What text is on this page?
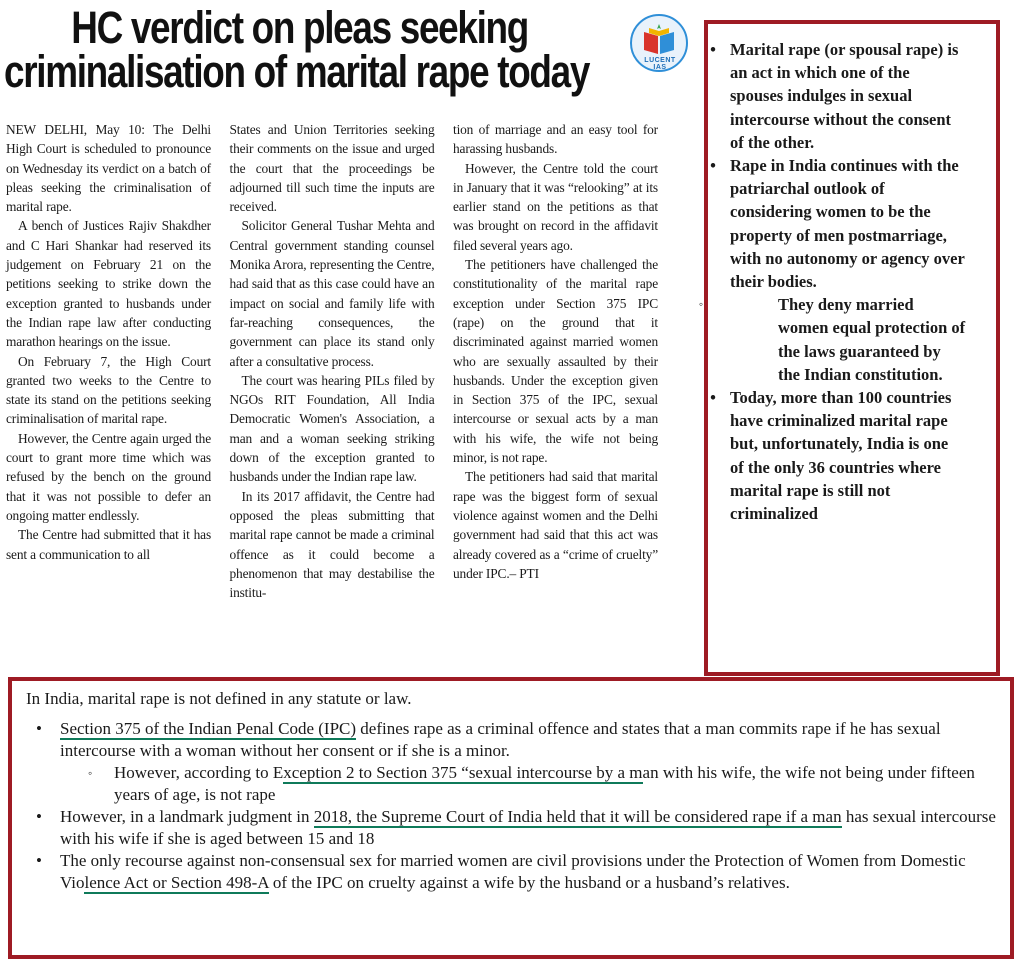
HC verdict on pleas seeking
criminalisation of marital rape today	LUCENT IAS

NEW DELHI, May 10: The Delhi High Court is scheduled to pronounce on Wednesday its verdict on a batch of pleas seeking the criminalisation of marital rape.

A bench of Justices Rajiv Shakdher and C Hari Shankar had reserved its judgement on February 21 on the petitions seeking to strike down the exception granted to husbands under the Indian rape law after conducting marathon hearings on the issue.

On February 7, the High Court granted two weeks to the Centre to state its stand on the petitions seeking criminalisation of marital rape.

However, the Centre again urged the court to grant more time which was refused by the bench on the ground that it was not possible to defer an ongoing matter endlessly.

The Centre had submitted that it has sent a communication to all

States and Union Territories seeking their comments on the issue and urged the court that the proceedings be adjourned till such time the inputs are received.

Solicitor General Tushar Mehta and Central government standing counsel Monika Arora, representing the Centre, had said that as this case could have an impact on social and family life with far-reaching consequences, the government can place its stand only after a consultative process.

The court was hearing PILs filed by NGOs RIT Foundation, All India Democratic Women's Association, a man and a woman seeking striking down of the exception granted to husbands under the Indian rape law.

In its 2017 affidavit, the Centre had opposed the pleas submitting that marital rape cannot be made a criminal offence as it could become a phenomenon that may destabilise the institu-

tion of marriage and an easy tool for harassing husbands.

However, the Centre told the court in January that it was “relooking” at its earlier stand on the petitions as that was brought on record in the affidavit filed several years ago.

The petitioners have challenged the constitutionality of the marital rape exception under Section 375 IPC (rape) on the ground that it discriminated against married women who are sexually assaulted by their husbands. Under the exception given in Section 375 of the IPC, sexual intercourse or sexual acts by a man with his wife, the wife not being minor, is not rape.

The petitioners had said that marital rape was the biggest form of sexual violence against women and the Delhi government had said that this act was already covered as a “crime of cruelty” under IPC.– PTI

• Marital rape (or spousal rape) is an act in which one of the spouses indulges in sexual intercourse without the consent of the other.
• Rape in India continues with the patriarchal outlook of considering women to be the property of men postmarriage, with no autonomy or agency over their bodies.
◦	They deny married women equal protection of the laws guaranteed by the Indian constitution.
• Today, more than 100 countries have criminalized marital rape but, unfortunately, India is one of the only 36 countries where marital rape is still not criminalized

In India, marital rape is not defined in any statute or law.

• Section 375 of the Indian Penal Code (IPC) defines rape as a criminal offence and states that a man commits rape if he has sexual intercourse with a woman without her consent or if she is a minor.
◦ However, according to Exception 2 to Section 375 “sexual intercourse by a man with his wife, the wife not being under fifteen years of age, is not rape
• However, in a landmark judgment in 2018, the Supreme Court of India held that it will be considered rape if a man has sexual intercourse with his wife if she is aged between 15 and 18
• The only recourse against non-consensual sex for married women are civil provisions under the Protection of Women from Domestic Violence Act or Section 498-A of the IPC on cruelty against a wife by the husband or a husband’s relatives.
